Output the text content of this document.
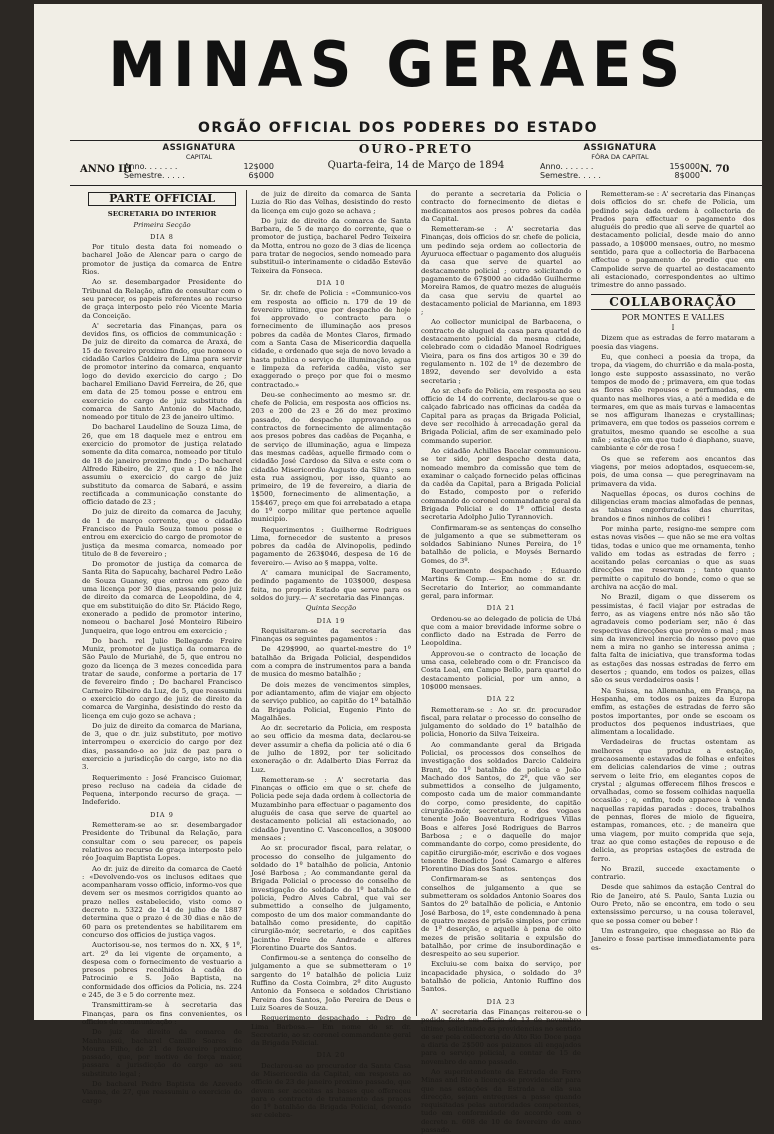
MINAS GERAES
ORGÃO OFFICIAL DOS PODERES DO ESTADO
ASSIGNATURA
CAPITAL
Anno. . . . . . .	12$000
Semestre. . . . .	6$000
ASSIGNATURA
FÓRA DA CAPITAL
Anno. . . . . . .	15$000
Semestre. . . . .	8$000
OURO-PRETO
Quarta-feira, 14 de Março de 1894
ANNO III	N. 70
PARTE OFFICIAL
SECRETARIA DO INTERIOR
Primeira Secção
DIA 8

Por titulo desta data foi nomeado o bacharel João de Alencar para o cargo de promotor de justiça da comarca de Entre Rios.

Ao sr. desembargador Presidente do Tribunal da Relação, afim de consultar com o seu parecer, os papeis referentes ao recurso de graça interposto pelo réo Vicente Maria da Conceição.

A' secretaria das Finanças, para os devidos fins, os officios de communicação : De juiz de direito da comarca de Araxá, de 15 de fevereiro proximo findo, que nomeou o cidadão Carlos Caldeira de Lima para servir de promotor interino da comarca, enquanto logo do devido exercicio do cargo ; Do bacharel Emiliano David Ferreira, de 26, que em data de 25 tomou posse e entrou em exercicio do cargo de juiz substituto da comarca de Santo Antonio do Machado, nomeado por titulo de 23 de janeiro ultimo.

Do bacharel Laudelino de Souza Lima, de 26, que em 18 daquele mez e entrou em exercicio do promotor de justiça relatado somente da dita comarca, nomeado por titulo de 18 de janeiro proximo findo ; Do bacharel Alfredo Ribeiro, de 27, que a 1 e não lhe assumiu o exercicio do cargo de juiz substituto da comarca de Sabará, e assim rectificada a communicação constante do officio datado de 23 ;

Do juiz de direito da comarca de Jacuhy, de 1 de março corrente, que o cidadão Francisco de Paula Souza tomou posse e entrou em exercicio do cargo de promotor de justiça da mesma comarca, nomeado por titulo de 8 de fevereiro ;

Do promotor de justiça da comarca de Santa Rita do Sapucahy, bacharel Pedro Leão de Souza Guaney, que entrou em gozo de uma licença por 30 dias, passando pelo juiz de direito da comarca de Leopoldina, de 4, que em substituição do dito Sr. Plácido Rego, exonerado a pedido de promotor interino, nomeou o bacharel José Monteiro Ribeiro Junqueira, que logo entrou em exercicio ;

Do bach. rel Julio Bellegarde Freire Muniz, promotor de justiça da comarca de São Paulo de Muriahé, de 5, que entrou no gozo da licença de 3 mezes concedida para tratar de saude, conforme a portaria de 17 de fevereiro findo ; Do bacharel Francisco Carneiro Ribeiro da Luz, de 5, que reassumiu o exercicio do cargo de juiz de direito da comarca de Varginha, desistindo do resto da licença em cujo gozo se achava ;

Do juiz de direito da comarca de Mariana, de 3, que o dr. juiz substituto, por motivo interrompeu o exercicio do cargo por dez dias, passando-o ao juiz de paz para o exercicio a jurisdicção do cargo, isto no dia 3.

Requerimento : José Francisco Guiomar, preso recluso na cadeia da cidade de Pequena, interpondo recurso de graça. — Indeferido.

DIA 9

Remetteram-se ao sr. desembargador Presidente do Tribunal da Relação, para consultar com o seu parecer, os papeis relativos ao recurso de graça interposto pelo réo Joaquim Baptista Lopes.

Ao dr. juiz de direito da comarca de Caeté : «Devolvendo-vos os inclusos editaes que acompanharam vosso officio, informo-vos que devem ser os mesmos corrigidos quanto ao prazo nelles estabelecido, visto como o decreto n. 5322 de 14 de julho de 1887 determina que o prazo é de 30 dias e não de 60 para os pretendentes se habilitarem em concurso dos officios de justiça vagos.

Auctorisou-se, nos termos do n. XX, § 1º, art. 2º da lei vigente de orçamento, a despesa com o fornecimento de vestuario a presos pobres recolhidos à cadêa do Patrocinio e S. João Baptista, na conformidade dos officios da Policia, ns. 224 e 245, de 3 e 5 do corrente mez.

Transmittiram-se à secretaria das Finanças, para os fins convenientes, os officios de communicação :

Do juiz de direito da comarca de Manhuassú, bacharel Camillo Soares de Moura Filho, de 21 de fevereiro proximo passado, que, por motivo de força maior, passara a jurisdicção do cargo ao seu substituto legal ;

Do bacharel Pedro Baptista de Azevedo Vianna, de 27, que reassumiu o exercicio do cargo

de juiz de direito da comarca de Santa Luzia do Rio das Velhas, desistindo do resto da licença em cujo gozo se achava ;

Do juiz de direito da comarca de Santa Barbara, de 5 de março do corrente, que o promotor de justiça, bacharel Pedro Teixeira da Motta, entrou no gozo de 3 dias de licença para tratar de negocios, sendo nomeado para substituil-o interinamente o cidadão Estevão Teixeira da Fonseca.

DIA 10

Sr. dr. chefe de Policia : «Communico-vos em resposta ao officio n. 179 de 19 de fevereiro ultimo, que por despacho de hoje foi approvado o contracto para o fornecimento de illuminação aos presos pobres da cadêa de Montes Claros, firmado com a Santa Casa de Misericordia daquella cidade, e ordenado que seja de novo levado a hasta publica o serviço de illuminação, agua e limpeza da referida cadêa, visto ser exaggerado o preço por que foi o mesmo contractado.»

Deu-se conhecimento ao mesmo sr. dr. chefe de Policia, em resposta aos officios ns. 203 e 200 de 23 e 26 do mez proximo passado, do despacho approvando os contractos de fornecimento de alimentação aos presos pobres das cadêas de Peçanha, e de serviço de illuminação, agua e limpeza das mesmas cadêas, aquelle firmado com o cidadão José Cardoso da Silva e este com o cidadão Misericordio Augusto da Silva ; sem esta rua assignou, por isso, quanto ao primeiro, de 19 de fevereiro, a diaria de 1$500, fornecimento de alimentação, a 15$467, preço em que foi arrebatado a etapa do 1º corpo militar que pertence aquelle municipio.

Requerimentos : Guilherme Rodrigues Lima, fornecedor de sustento a presos pobres da cadêa de Alvinopolis, pedindo pagamento de 263$046, despesa de 16 de fevereiro.— Aviso ao § mappa, volte.

A' camara municipal de Sacramento, pedindo pagamento de 103$000, despesa feita, no proprio Estado que serve para os soldos do jury.— A' secretaria das Finanças.

Quinta Secção
DIA 19

Requisitaram-se da secretaria das Finanças os seguintes pagamentos :

De 429$990, ao quartel-mestre do 1º batalhão da Brigada Policial, despendidos com a compra de instrumentos para a banda de musica do mesmo batalhão ;

De dois mezes de vencimentos simples, por adiantamento, afim de viajar em objecto de serviço publico, ao capitão do 1º batalhão da Brigada Policial, Eugenio Pinto de Magalhães.

Ao dr. secretario da Policia, em resposta ao seu officio da mesma data, declarou-se dever assumir a chefia da policia até o dia 6 de julho de 1892, por ter solicitado exoneração o dr. Adalberto Dias Ferraz da Luz.

Remetteram-se : A' secretaria das Finanças o officio em que o sr. chefe de Policia pede seja dada ordem à collectoria de Muzambinho para effectuar o pagamento dos aluguéis de casa que serve de quartel ao destacamento policial ali estacionado, ao cidadão Juventino C. Vasconcellos, a 30$000 mensaes ;

Ao sr. procurador fiscal, para relatar, o processo do conselho de julgamento do soldado do 1º batalhão de policia, Antonio José Barbosa ; Ao commandante geral da Brigada Policial o processo do conselho de investigação do soldado do 1º batalhão de policia, Pedro Alves Cabral, que vai ser submettido a conselho de julgamento, composto de um dos maior commandante do batalhão como presidente, do capitão cirurgião-mór, secretario, e dos capitães Jacintho Freire de Andrade e alferes Florentino Duarte dos Santos.

Confirmou-se a sentença do conselho de julgamento a que se submetteram o 1º sargento do 1º batalhão de policia Luiz Ruffino da Costa Coimbra, 2º dito Augusto Antonio da Fonseca e soldados Christiano Pereira dos Santos, João Pereira de Deus e Luiz Soares de Souza.

Requerimento despachado : Pedro de Lima Barbosa.— Em nome do sr. dr. Secretario, ao sr. coronel commandante geral da Brigada Policial.

DIA 20

Declarou-se ao procurador da Santa Casa de Misericordia da Capital, em resposta ao officio de 23 de janeiro proximo passado, que devem ser acceitas as bases que offereceu para o contracto de tratamento das praças do 1º batalhão da Brigada Policial, devendo ser celebra-

do perante a secretaria da Policia o contracto do fornecimento de dietas e medicamentos aos presos pobres da cadêa da Capital.

Remetteram-se : A' secretaria das Finanças, dois officios do sr. chefe de policia, um pedindo seja ordem ao collectoria de Ayuruoca effectuar o pagamento dos aluguéis da casa que serve de quartel ao destacamento policial ; outro solicitando o pagamento de 67$000 ao cidadão Guilherme Moreira Ramos, de quatro mezes de aluguéis da casa que serviu de quartel ao destacamento policial de Marianna, em 1893 ;

Ao collector municipal de Barbacena, o contracto de aluguel da casa para quartel do destacamento policial da mesma cidade, celebrado com o cidadão Manoel Rodrigues Vieira, para os fins dos artigos 30 e 39 do regulamento n. 102 de 1º de dezembro de 1892, devendo ser devolvido a esta secretaria ;

Ao sr. chefe de Policia, em resposta ao seu officio de 14 do corrente, declarou-se que o calçado fabricado nas officinas da cadêa da Capital para as praças da Brigada Policial, deve ser recolhido à arrecadação geral da Brigada Policial, afim de ser examinado pelo commando superior.

Ao cidadão Achilles Bacelar communicou-se ter sido, por despacho desta data, nomeado membro da comissão que tem de examinar o calçado fornecido pelas officinas da cadêa da Capital, para a Brigada Policial do Estado, composto por o referido commando do coronel commandante geral da Brigada Policial e do 1º official desta secretaria Adolpho Julio Tyrannovich.

Confirmaram-se as sentenças do conselho de julgamento a que se submetteram os soldados Sabiniano Nunes Pereira, do 1º batalhão de policia, e Moysés Bernardo Gomes, do 3º.

Requerimento despachado : Eduardo Martins & Comp.— Em nome do sr. dr. Secretario do Interior, ao commandante geral, para informar.

DIA 21

Ordenou-se ao delegado de policia de Ubá que com a maior brevidade informe sobre o conflicto dado na Estrada de Ferro de Leopoldina.

Approvou-se o contracto de locação de uma casa, celebrado com o dr. Francisco da Costa Leal, em Campo Bello, para quartel do destacamento policial, por um anno, a 10$000 mensaes.

DIA 22

Remetteram-se : Ao sr. dr. procurador fiscal, para relatar o processo do conselho de julgamento do soldado do 1º batalhão de policia, Honorio da Silva Teixeira.

Ao commandante geral da Brigada Policial, os processos dos conselhos de investigação dos soldados Darcio Caldeira Brant, do 1º batalhão de policia e João Machado dos Santos, do 2º, que vão ser submettidos a conselho de julgamento, composto cada um de maior commandante do corpo, como presidente, do capitão cirurgião-mór, secretario, e dos vogaes tenente João Boaventura Rodrigues Villas Boas e alferes José Rodrigues de Barros Barbosa ; e o daquelle do major commandante do corpo, como presidente, do capitão cirurgião-mór, escrivão e dos vogaes tenente Benedicto José Camargo e alferes Florentino Dias dos Santos.

Confirmaram-se as sentenças dos conselhos de julgamento a que se submetteram os soldados Antonio Soares dos Santos do 2º batalhão de policia, e Antonio José Barbosa, do 1º, este condemnado à pena de quatro mezes de prisão simples, por crime de 1ª deserção, e aquelle à pena de oito mezes de prisão solitaria e expulsão do batalhão, por crime de insubordinação e desrespeito ao seu superior.

Excluiu-se com baixa do serviço, por incapacidade physica, o soldado do 3º batalhão de policia, Antonio Ruffino dos Santos.

DIA 23

A' secretaria das Finanças reiterou-se o pedido feito em officio de 13 de novembro ultimo, solicitando as providencias no sentido de ser pela collectoria do Alto Rio Doce paga a diaria de 2$500 aos paizanos ali engajados para o serviço policial, a contar de 15 de novembro do anno passado.

Ao superintendente da Estrada de Ferro Minas and Rio a licença-se providenciar para que nas estações da Estrada a ella sua direcção, sejam entregues a passe quando requisitadas pelas autoridades competentes, tudo em conformidade do accordo com o decreto n. 608 de 10 de fevereiro do anno passado.

Remetteram-se : A' secretaria das Finanças dois officios do sr. chefe de Policia, um pedindo seja dada ordem à collectoria de Prados para effectuar o pagamento dos aluguéis do predio que ali serve de quartel ao destacamento policial, desde maio do anno passado, a 10$000 mensaes, outro, no mesmo sentido, para que a collectoria de Barbacena effectue o pagamento do predio que em Campolide serve de quartel ao destacamento ali estacionado, correspondentes ao ultimo trimestre do anno passado.

COLLABORAÇÃO
POR MONTES E VALLES
I

Dizem que as estradas de ferro mataram a poesia das viagens.

Eu, que conheci a poesia da tropa, da tropa, da viagem, do churrião e da mala-posta, longo este supposto assassinato, no verão tempos de modo de ; primavera, em que todas as flores são repousos e perfumadas, em quanto nas melhores vias, a até a medida e de termares, em que as mais turvas e lamacentas se nos affiguram lhanezas e crystallinas; primavera, em que todos os passeios correm e gratuitos, mesmo quando se escolhe a sua mãe ; estação em que tudo é diaphano, suave, cambiante e côr de rosa !

Os que se referem aos encantos das viagens, por meios adoptados, esquecem-se, pois, de uma consa — que peregrinavam na primavera da vida.

Naquellas épocas, os duros cochins de diligencias eram macias almofadas de pennas, as tabuas engorduradas das churritas, brandos e finos ninhos de colibri !

Por minha parte, resigno-me sempre com estas novas visões — que não se me era voltas tidas, todas e unico que me ornamenta, tenho valido em todas as estradas de ferro ; aceitando pelas cercanias o que as suas direcções me reservam ; tanto quanto permitte o capitulo do bonde, como o que se archiva na acção do mal.

No Brazil, digam o que disserem os pessimistas, é facil viajar por estradas de ferro, as as viagens entre nós não são tão agradaveis como poderiam ser, não é das respectivas direcções que provêm o mal ; mas sim da invencivel inercia do nosso povo que nem a mira no ganho se interessa anima ; falta falta de iniciativa, que transforma todas as estações das nossas estradas de ferro em desertos ; quando, em todos os paizes, ellas são os seus verdadeiros oasis !

Na Suissa, na Allemanha, em França, na Hespanha, em todos os paizes da Europa emfim, as estações de estradas de ferro são postos importantes, por onde se escoam os productos dos pequenos industriaes, que alimentam a localidade.

Verdadeiras de fructas ostentam as melhores que produz a estação, gracaosamente estavadas de folhas e enfeites em delicias calendarios de vime ; outras servem o leite frio, em elegantes copos de crystal ; algumas offerecem filhos frescos e orvalhadas, como se fossem colhidas naquella occasião ; e, enfim, todo apparece à venda naquellas rapidas paradas : doces, trabalhos de pennas, flores de miolo de figueira, estampas, romances, etc. ; de maneira que uma viagem, por muito comprida que seja, traz ao que como estações de repouso e de delicia, as proprias estações de estrada de ferro.

No Brazil, succede exactamente o contrario.

Desde que sahimos da estação Central do Rio de Janeiro, até S. Paulo, Santa Luzia ou Ouro Preto, não se encontra, em todo o seu extensissimo percurso, u na cousa toleravel, que se possa comer ou beber !

Um estrangeiro, que chegasse ao Rio de Janeiro e fosse partisse immediatamente para es-
